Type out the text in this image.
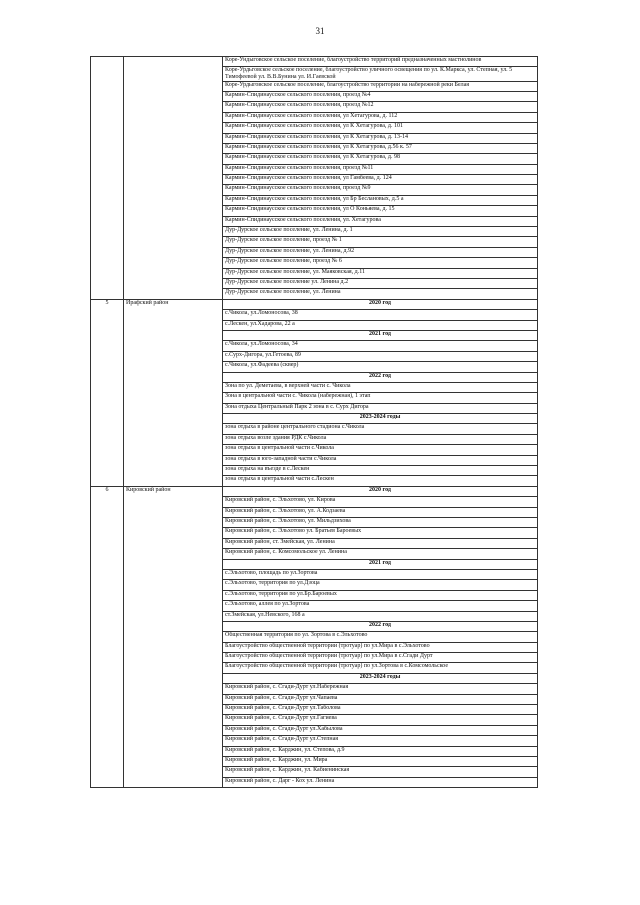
31
		Коре-Ундыговское сельское поселение, благоустройство территорий предназначенных мастнолинов
		Коре-Урдьговское сельское поселение, благоустройство уличного освещения по ул. К.Маркса, ул. Степная, ул. 5 Тимофеевой ул. В.В.Бунина ул. И.Гаевской
		Коре-Урдыговское сельское поселение, благоустройство территории на набережной реки Белая
		Кармин-Спидинаусское сельского поселения, проезд №4
		Кармин-Спидинаусское сельского поселения, проезд №12
		Кармин-Спидинаусское сельского поселения, ул Хетагурова, д. 112
		Кармин-Спидинаусское сельского поселения, ул К Хетагурова, д. 101
		Кармин-Спидинаусское сельского поселения, ул К Хетагурова, д. 13-14
		Кармин-Спидинаусское сельского поселения, ул К Хетагурова, д.56 к. 57
		Кармин-Спидинаусское сельского поселения, ул К Хетагурова, д. 98
		Кармин-Спидинаусское сельского поселения, проезд №11
		Кармин-Спидинаусское сельского поселения, ул Гамбеева, д. 124
		Кармин-Спидинаусское сельского поселения, проезд №9
		Кармин-Спидинаусское сельского поселения, ул Бр Беслановых, д.5 а
		Кармин-Спидинаусское сельского поселения, ул О Коньяева, д. 15
		Кармин-Спидинаусское сельского поселения, ул. Хетагурова
		Дур-Дурское сельское поселение, ул. Ленина, д. 1
		Дур-Дурское сельское поселение, проезд № 1
		Дур-Дурское сельское поселение, ул. Ленина, д.92
		Дур-Дурское сельское поселение, проезд № 6
		Дур-Дурское сельское поселение, ул. Маяковская, д.11
		Дур-Дурское сельское поселение ул. Ленина д.2
		Дур-Дурское сельское поселение, ул. Ленина
5	Ирафский район	2020 год
		с.Чикола, ул.Ломоносова, 38
		с.Лескен, ул.Хадарова, 22 а
		2021 год
		с.Чикола, ул.Ломоносова, 34
		с.Сурх-Дигора, ул.Гетоева, 89
		с.Чикола, ул.Фадеева (сквер)
		2022 год
		Зона по ул. Деметаева, в верхней части с. Чикола
		Зона в центральной части с. Чикола (набережная), 1 этап
		Зона отдыха Центральный Парк 2 зона в с. Сурх Дигора
		2023-2024 годы
		зона отдыха в районе центрального стадиона с.Чикола
		зона отдыха возле здания РДК с.Чикола
		зона отдыха в центральной части с.Чикола
		зона отдыха в юго-западной части с.Чикола
		зона отдыха на въезде в с.Лескен
		зона отдыха в центральной части с.Лескен
6	Кировский район	2020 год
		Кировский район, с. Эльхотово, ул. Кирова
		Кировский район, с. Эльхотово, ул. А.Кодзаева
		Кировский район, с. Эльхотово, ул. Мильдзихова
		Кировский район, с. Эльхотово ул. Братьев Бароевых
		Кировский район, ст. Змейская, ул. Ленина
		Кировский район, с. Комсомольское ул. Ленина
		2021 год
		с.Эльхотово, площадь по ул.Зортова
		с.Эльхотово, территория по ул.Дзоца
		с.Эльхотово, территория по ул.Бр.Бароевых
		с.Эльхотово, аллея по ул.Зортова
		ст.Змейская, ул.Невского, 168 а
		2022 год
		Общественная территория по ул. Зортова в с.Эльхотово
		Благоустройство общественной территории (тротуар) по ул.Мира в с.Эльхотово
		Благоустройство общественной территории (тротуар) по ул.Мира в с.Сгади Дурт
		Благоустройство общественной территории (тротуар) по ул.Зортова в с.Комсомольское
		2023-2024 годы
		Кировский район, с. Сгади-Дурт ул.Набережная
		Кировский район, с. Сгади-Дурт ул.Чапаева
		Кировский район, с. Сгади-Дурт ул.Таболова
		Кировский район, с. Сгади-Дурт ул.Гагиева
		Кировский район, с. Сгади-Дурт ул.Хабылова
		Кировский район, с. Сгади-Дурт ул.Степная
		Кировский район, с. Карджин, ул. Степова, д.9
		Кировский район, с. Карджин, ул. Мира
		Кировский район, с. Карджин, ул. Кабиенинская
		Кировский район, с. Дарг - Кох ул. Ленина
